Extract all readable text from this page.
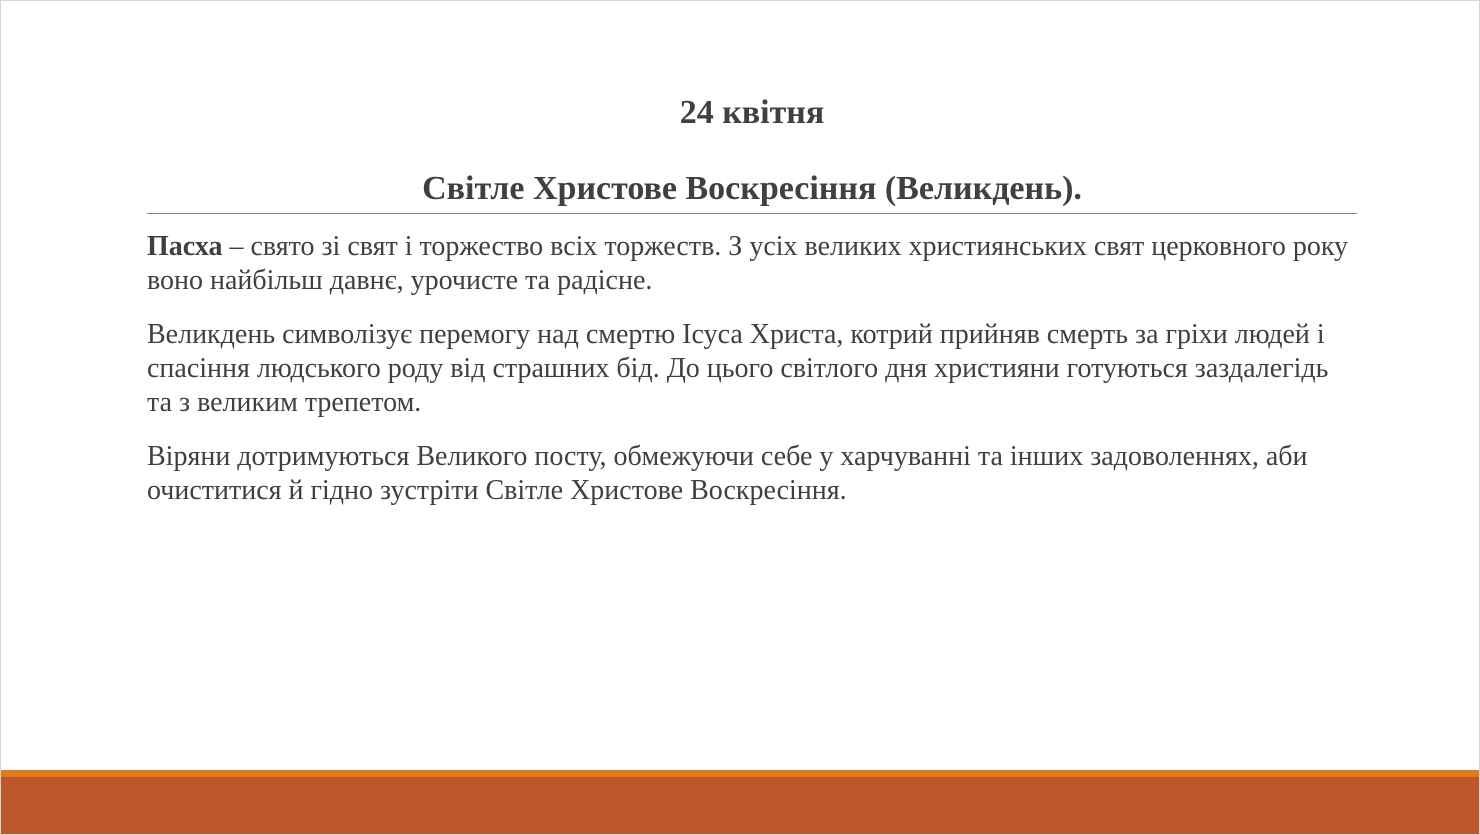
24 квітня
Світле Христове Воскресіння (Великдень).

Пасха – свято зі свят і торжество всіх торжеств. З усіх великих християнських свят церковного року воно найбільш давнє, урочисте та радісне.

Великдень символізує перемогу над смертю Ісуса Христа, котрий прийняв смерть за гріхи людей і спасіння людського роду від страшних бід. До цього світлого дня християни готуються заздалегідь та з великим трепетом.

Віряни дотримуються Великого посту, обмежуючи себе у харчуванні та інших задоволеннях, аби очиститися й гідно зустріти Світле Христове Воскресіння.
